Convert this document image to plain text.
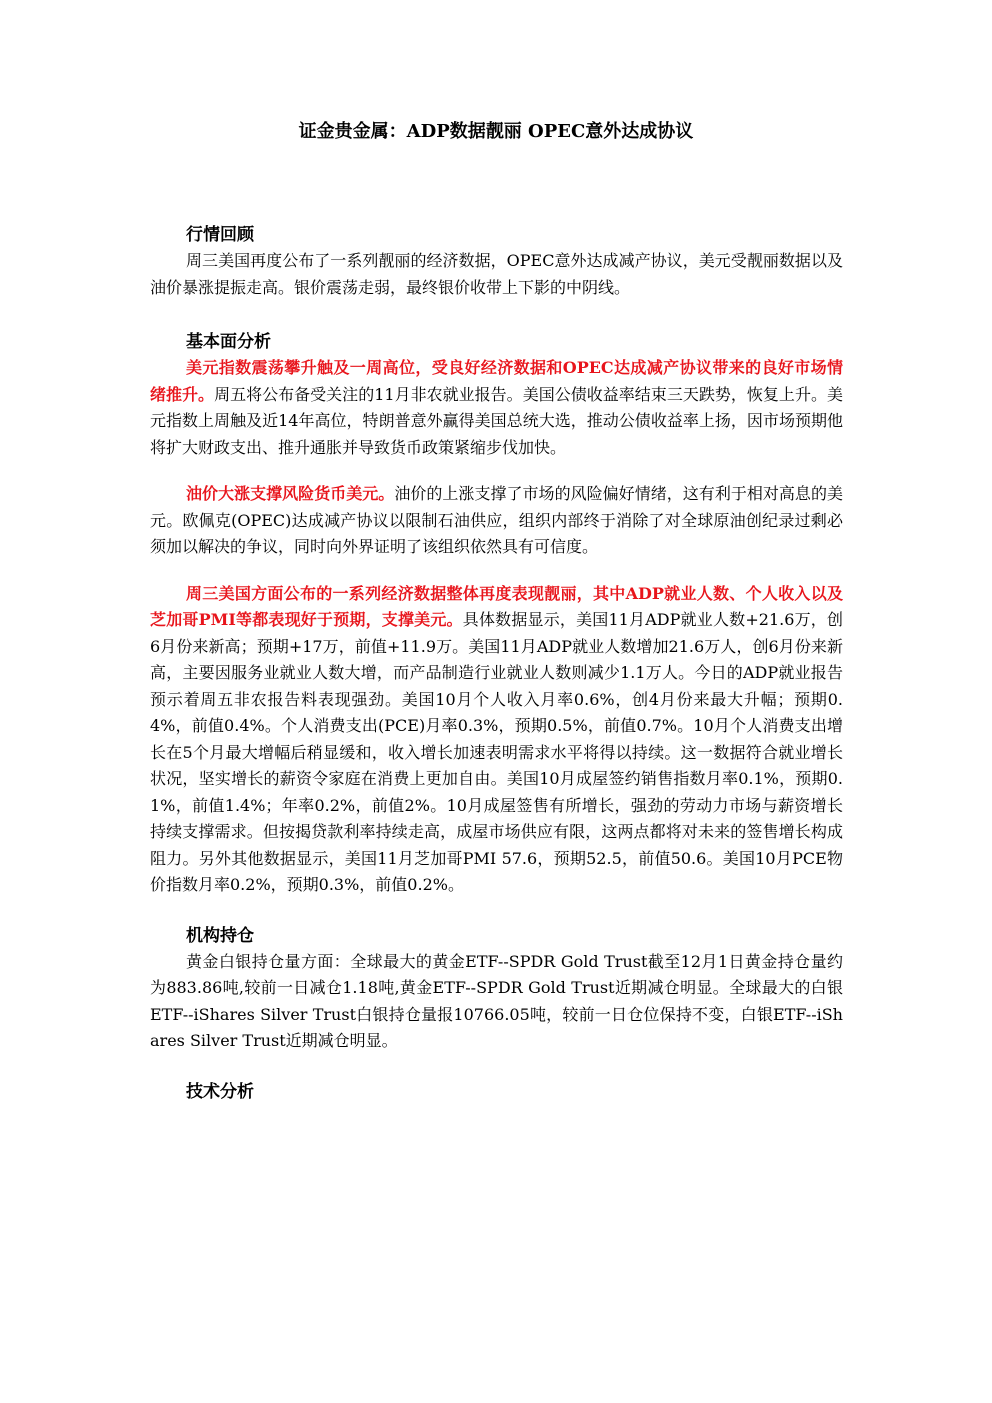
证金贵金属：ADP数据靓丽 OPEC意外达成协议
行情回顾

周三美国再度公布了一系列靓丽的经济数据，OPEC意外达成减产协议，美元受靓丽数据以及油价暴涨提振走高。银价震荡走弱，最终银价收带上下影的中阴线。

基本面分析

美元指数震荡攀升触及一周高位，受良好经济数据和OPEC达成减产协议带来的良好市场情绪推升。周五将公布备受关注的11月非农就业报告。美国公债收益率结束三天跌势，恢复上升。美元指数上周触及近14年高位，特朗普意外赢得美国总统大选，推动公债收益率上扬，因市场预期他将扩大财政支出、推升通胀并导致货币政策紧缩步伐加快。

油价大涨支撑风险货币美元。油价的上涨支撑了市场的风险偏好情绪，这有利于相对高息的美元。欧佩克(OPEC)达成减产协议以限制石油供应，组织内部终于消除了对全球原油创纪录过剩必须加以解决的争议，同时向外界证明了该组织依然具有可信度。

周三美国方面公布的一系列经济数据整体再度表现靓丽，其中ADP就业人数、个人收入以及芝加哥PMI等都表现好于预期，支撑美元。具体数据显示，美国11月ADP就业人数+21.6万，创6月份来新高；预期+17万，前值+11.9万。美国11月ADP就业人数增加21.6万人，创6月份来新高，主要因服务业就业人数大增，而产品制造行业就业人数则减少1.1万人。今日的ADP就业报告预示着周五非农报告料表现强劲。美国10月个人收入月率0.6%，创4月份来最大升幅；预期0.4%，前值0.4%。个人消费支出(PCE)月率0.3%，预期0.5%，前值0.7%。10月个人消费支出增长在5个月最大增幅后稍显缓和，收入增长加速表明需求水平将得以持续。这一数据符合就业增长状况，坚实增长的薪资令家庭在消费上更加自由。美国10月成屋签约销售指数月率0.1%，预期0.1%，前值1.4%；年率0.2%，前值2%。10月成屋签售有所增长，强劲的劳动力市场与薪资增长持续支撑需求。但按揭贷款利率持续走高，成屋市场供应有限，这两点都将对未来的签售增长构成阻力。另外其他数据显示，美国11月芝加哥PMI 57.6，预期52.5，前值50.6。美国10月PCE物价指数月率0.2%，预期0.3%，前值0.2%。

机构持仓

黄金白银持仓量方面：全球最大的黄金ETF--SPDR Gold Trust截至12月1日黄金持仓量约为883.86吨,较前一日减仓1.18吨,黄金ETF--SPDR Gold Trust近期减仓明显。全球最大的白银ETF--iShares Silver Trust白银持仓量报10766.05吨，较前一日仓位保持不变，白银ETF--iShares Silver Trust近期减仓明显。

技术分析
